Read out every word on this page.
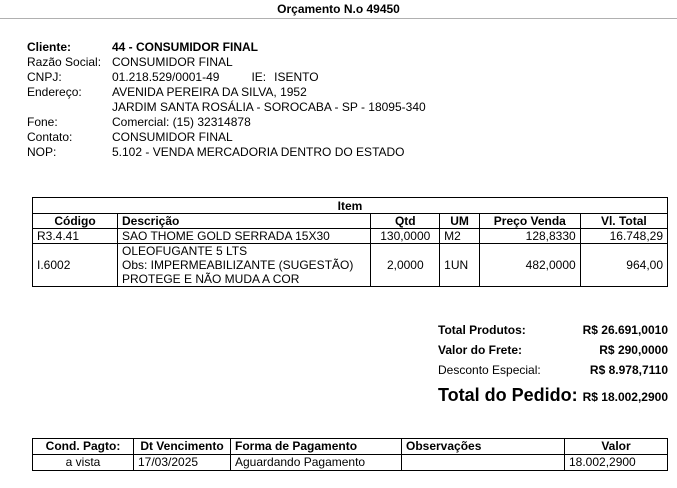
Orçamento N.o 49450
Cliente:	44 - CONSUMIDOR FINAL
Razão Social: CONSUMIDOR FINAL
CNPJ:	01.218.529/0001-49	IE: ISENTO
Endereço:	AVENIDA PEREIRA DA SILVA, 1952
JARDIM SANTA ROSÁLIA - SOROCABA - SP - 18095-340
Fone:	Comercial: (15) 32314878
Contato:	CONSUMIDOR FINAL
NOP:	5.102 - VENDA MERCADORIA DENTRO DO ESTADO
Item					
Código	Descrição	Qtd	UM	Preço Venda	Vl. Total
R3.4.41	SAO THOME GOLD SERRADA 15X30	130,0000	M2	128,8330	16.748,29
I.6002	OLEOFUGANTE 5 LTS
Obs: IMPERMEABILIZANTE (SUGESTÃO)
PROTEGE E NÃO MUDA A COR	2,0000	1UN	482,0000	964,00
Total Produtos:	R$ 26.691,0010
Valor do Frete:	R$ 290,0000
Desconto Especial:	R$ 8.978,7110
Total do Pedido: R$ 18.002,2900
Cond. Pagto:	Dt Vencimento	Forma de Pagamento	Observações	Valor
a vista	17/03/2025	Aguardando Pagamento		18.002,2900
